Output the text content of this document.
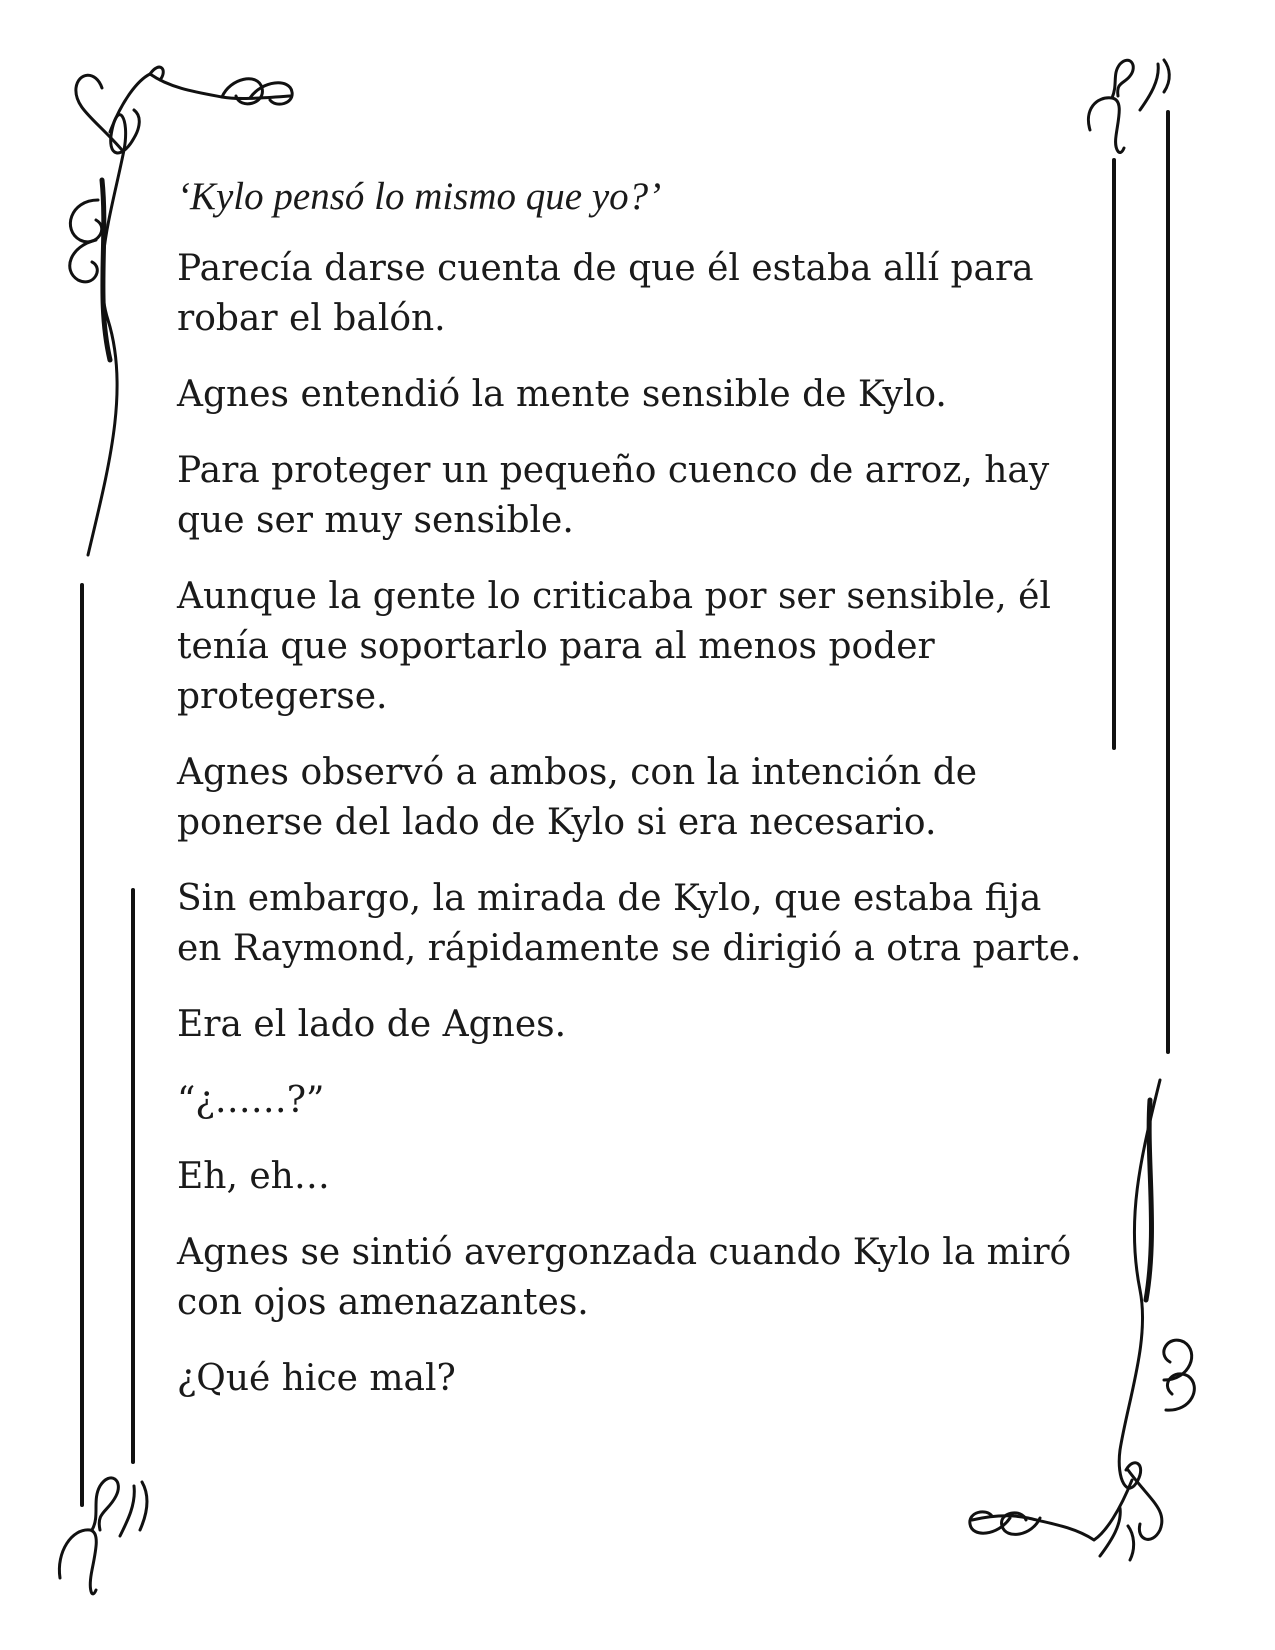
‘Kylo pensó lo mismo que yo?’

Parecía darse cuenta de que él estaba allí para robar el balón.

Agnes entendió la mente sensible de Kylo.

Para proteger un pequeño cuenco de arroz, hay que ser muy sensible.

Aunque la gente lo criticaba por ser sensible, él tenía que soportarlo para al menos poder protegerse.

Agnes observó a ambos, con la intención de ponerse del lado de Kylo si era necesario.

Sin embargo, la mirada de Kylo, que estaba fija en Raymond, rápidamente se dirigió a otra parte.

Era el lado de Agnes.

“¿……?”

Eh, eh…

Agnes se sintió avergonzada cuando Kylo la miró con ojos amenazantes.

¿Qué hice mal?
